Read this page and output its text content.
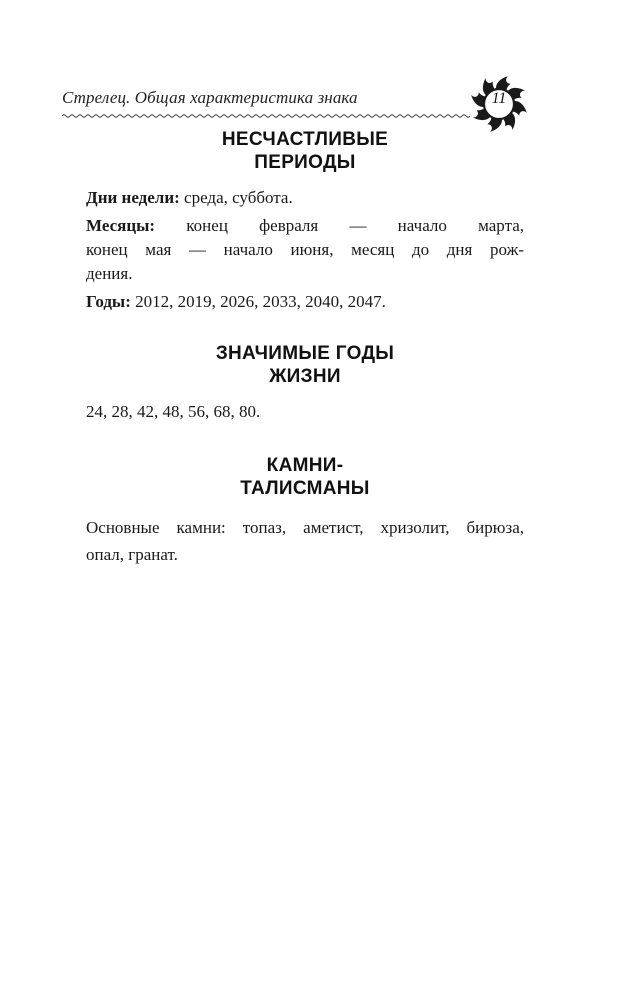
Стрелец. Общая характеристика знака	11
НЕСЧАСТЛИВЫЕ
ПЕРИОДЫ

Дни недели: среда, суббота.

Месяцы: конец февраля — начало марта,
конец мая — начало июня, месяц до дня рож-
дения.

Годы: 2012, 2019, 2026, 2033, 2040, 2047.

ЗНАЧИМЫЕ ГОДЫ
ЖИЗНИ

24, 28, 42, 48, 56, 68, 80.

КАМНИ-
ТАЛИСМАНЫ

Основные камни: топаз, аметист, хризолит, бирюза,
опал, гранат.
